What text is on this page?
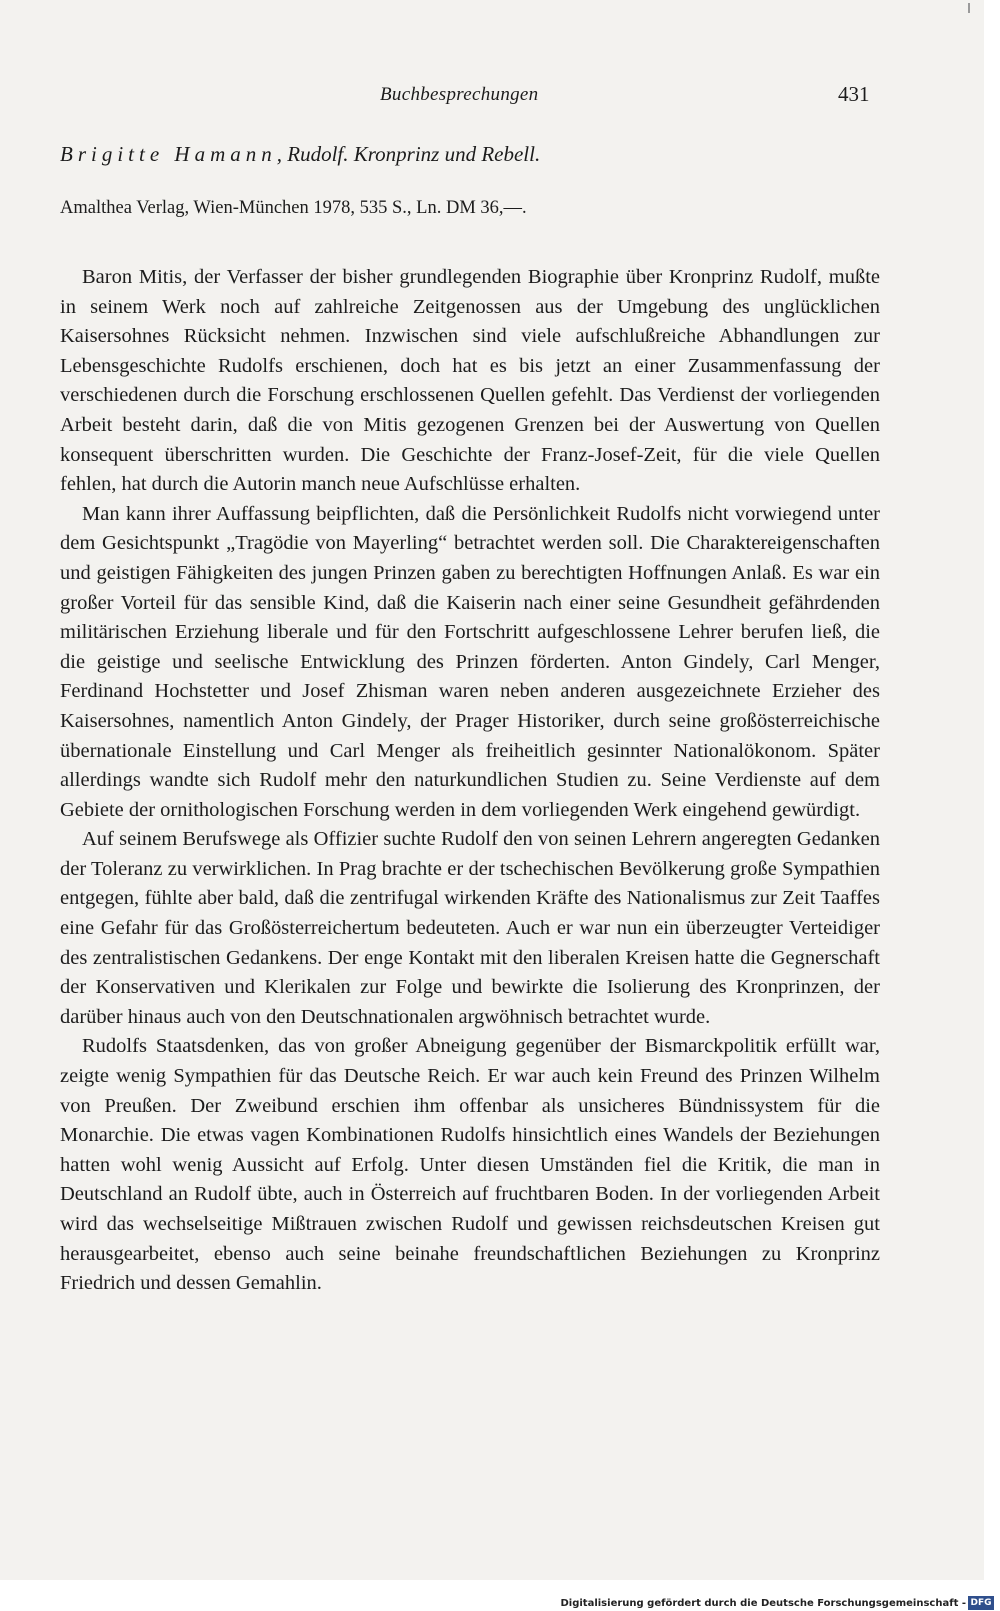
Buchbesprechungen	431
Brigitte Hamann, Rudolf. Kronprinz und Rebell.
Amalthea Verlag, Wien-München 1978, 535 S., Ln. DM 36,—.

Baron Mitis, der Verfasser der bisher grundlegenden Biographie über Kronprinz Rudolf, mußte in seinem Werk noch auf zahlreiche Zeitgenossen aus der Umgebung des unglücklichen Kaisersohnes Rücksicht nehmen. Inzwischen sind viele aufschlußreiche Abhandlungen zur Lebensgeschichte Rudolfs erschienen, doch hat es bis jetzt an einer Zusammenfassung der verschiedenen durch die Forschung erschlossenen Quellen gefehlt. Das Verdienst der vorliegenden Arbeit besteht darin, daß die von Mitis gezogenen Grenzen bei der Auswertung von Quellen konsequent überschritten wurden. Die Geschichte der Franz-Josef-Zeit, für die viele Quellen fehlen, hat durch die Autorin manch neue Aufschlüsse erhalten.

Man kann ihrer Auffassung beipflichten, daß die Persönlichkeit Rudolfs nicht vorwiegend unter dem Gesichtspunkt „Tragödie von Mayerling“ betrachtet werden soll. Die Charaktereigenschaften und geistigen Fähigkeiten des jungen Prinzen gaben zu berechtigten Hoffnungen Anlaß. Es war ein großer Vorteil für das sensible Kind, daß die Kaiserin nach einer seine Gesundheit gefährdenden militärischen Erziehung liberale und für den Fortschritt aufgeschlossene Lehrer berufen ließ, die die geistige und seelische Entwicklung des Prinzen förderten. Anton Gindely, Carl Menger, Ferdinand Hochstetter und Josef Zhisman waren neben anderen ausgezeichnete Erzieher des Kaisersohnes, namentlich Anton Gindely, der Prager Historiker, durch seine großösterreichische übernationale Einstellung und Carl Menger als freiheitlich gesinnter Nationalökonom. Später allerdings wandte sich Rudolf mehr den naturkundlichen Studien zu. Seine Verdienste auf dem Gebiete der ornithologischen Forschung werden in dem vorliegenden Werk eingehend gewürdigt.

Auf seinem Berufswege als Offizier suchte Rudolf den von seinen Lehrern angeregten Gedanken der Toleranz zu verwirklichen. In Prag brachte er der tschechischen Bevölkerung große Sympathien entgegen, fühlte aber bald, daß die zentrifugal wirkenden Kräfte des Nationalismus zur Zeit Taaffes eine Gefahr für das Großösterreichertum bedeuteten. Auch er war nun ein überzeugter Verteidiger des zentralistischen Gedankens. Der enge Kontakt mit den liberalen Kreisen hatte die Gegnerschaft der Konservativen und Klerikalen zur Folge und bewirkte die Isolierung des Kronprinzen, der darüber hinaus auch von den Deutschnationalen argwöhnisch betrachtet wurde.

Rudolfs Staatsdenken, das von großer Abneigung gegenüber der Bismarckpolitik erfüllt war, zeigte wenig Sympathien für das Deutsche Reich. Er war auch kein Freund des Prinzen Wilhelm von Preußen. Der Zweibund erschien ihm offenbar als unsicheres Bündnissystem für die Monarchie. Die etwas vagen Kombinationen Rudolfs hinsichtlich eines Wandels der Beziehungen hatten wohl wenig Aussicht auf Erfolg. Unter diesen Umständen fiel die Kritik, die man in Deutschland an Rudolf übte, auch in Österreich auf fruchtbaren Boden. In der vorliegenden Arbeit wird das wechselseitige Mißtrauen zwischen Rudolf und gewissen reichsdeutschen Kreisen gut herausgearbeitet, ebenso auch seine beinahe freundschaftlichen Beziehungen zu Kronprinz Friedrich und dessen Gemahlin.

Digitalisierung gefördert durch die Deutsche Forschungsgemeinschaft - DFG
